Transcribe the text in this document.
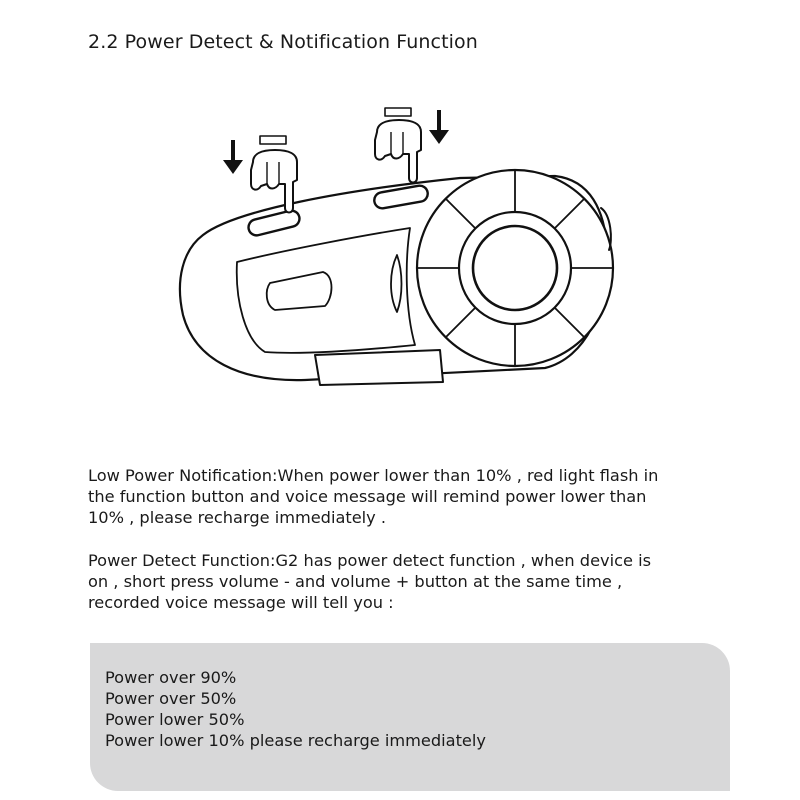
2.2 Power Detect & Notification Function
Low Power Notification:When power lower than 10% , red light flash in
the function button and voice message will remind power lower than
10% , please recharge immediately .
Power Detect Function:G2 has power detect function , when device is
on , short press volume - and volume + button at the same time ,
recorded voice message will tell you :
Power over 90%
Power over 50%
Power lower 50%
Power lower 10% please recharge immediately
